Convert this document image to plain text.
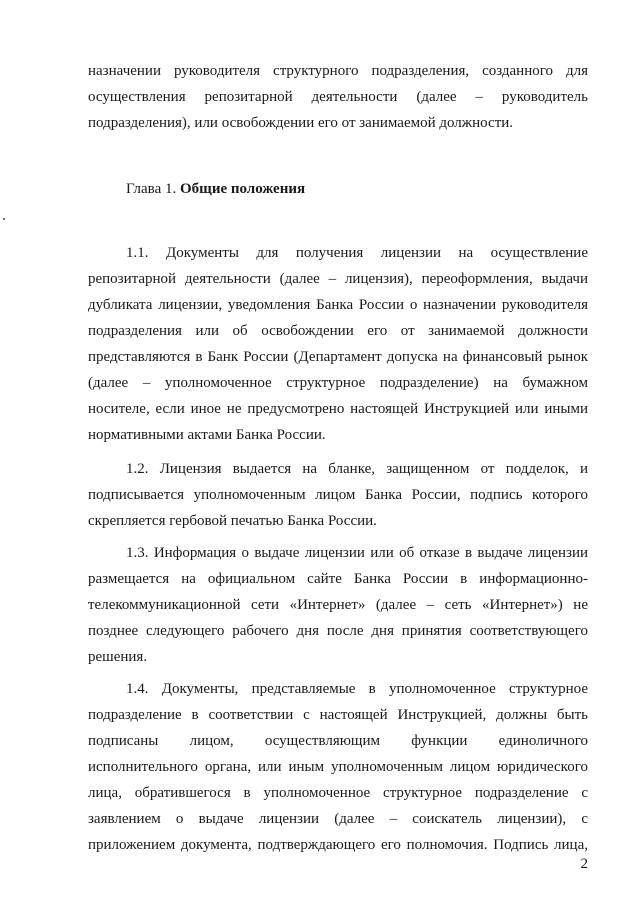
назначении руководителя структурного подразделения, созданного для
осуществления репозитарной деятельности (далее – руководитель
подразделения), или освобождении его от занимаемой должности.
Глава 1. Общие положения
1.1. Документы для получения лицензии на осуществление
репозитарной деятельности (далее – лицензия), переоформления, выдачи
дубликата лицензии, уведомления Банка России о назначении руководителя
подразделения или об освобождении его от занимаемой должности
представляются в Банк России (Департамент допуска на финансовый рынок
(далее – уполномоченное структурное подразделение) на бумажном
носителе, если иное не предусмотрено настоящей Инструкцией или иными
нормативными актами Банка России.
1.2. Лицензия выдается на бланке, защищенном от подделок, и
подписывается уполномоченным лицом Банка России, подпись которого
скрепляется гербовой печатью Банка России.
1.3. Информация о выдаче лицензии или об отказе в выдаче лицензии
размещается на официальном сайте Банка России в информационно-
телекоммуникационной сети «Интернет» (далее – сеть «Интернет») не
позднее следующего рабочего дня после дня принятия соответствующего
решения.
1.4. Документы, представляемые в уполномоченное структурное
подразделение в соответствии с настоящей Инструкцией, должны быть
подписаны лицом, осуществляющим функции единоличного
исполнительного органа, или иным уполномоченным лицом юридического
лица, обратившегося в уполномоченное структурное подразделение с
заявлением о выдаче лицензии (далее – соискатель лицензии), с
приложением документа, подтверждающего его полномочия. Подпись лица,
2
